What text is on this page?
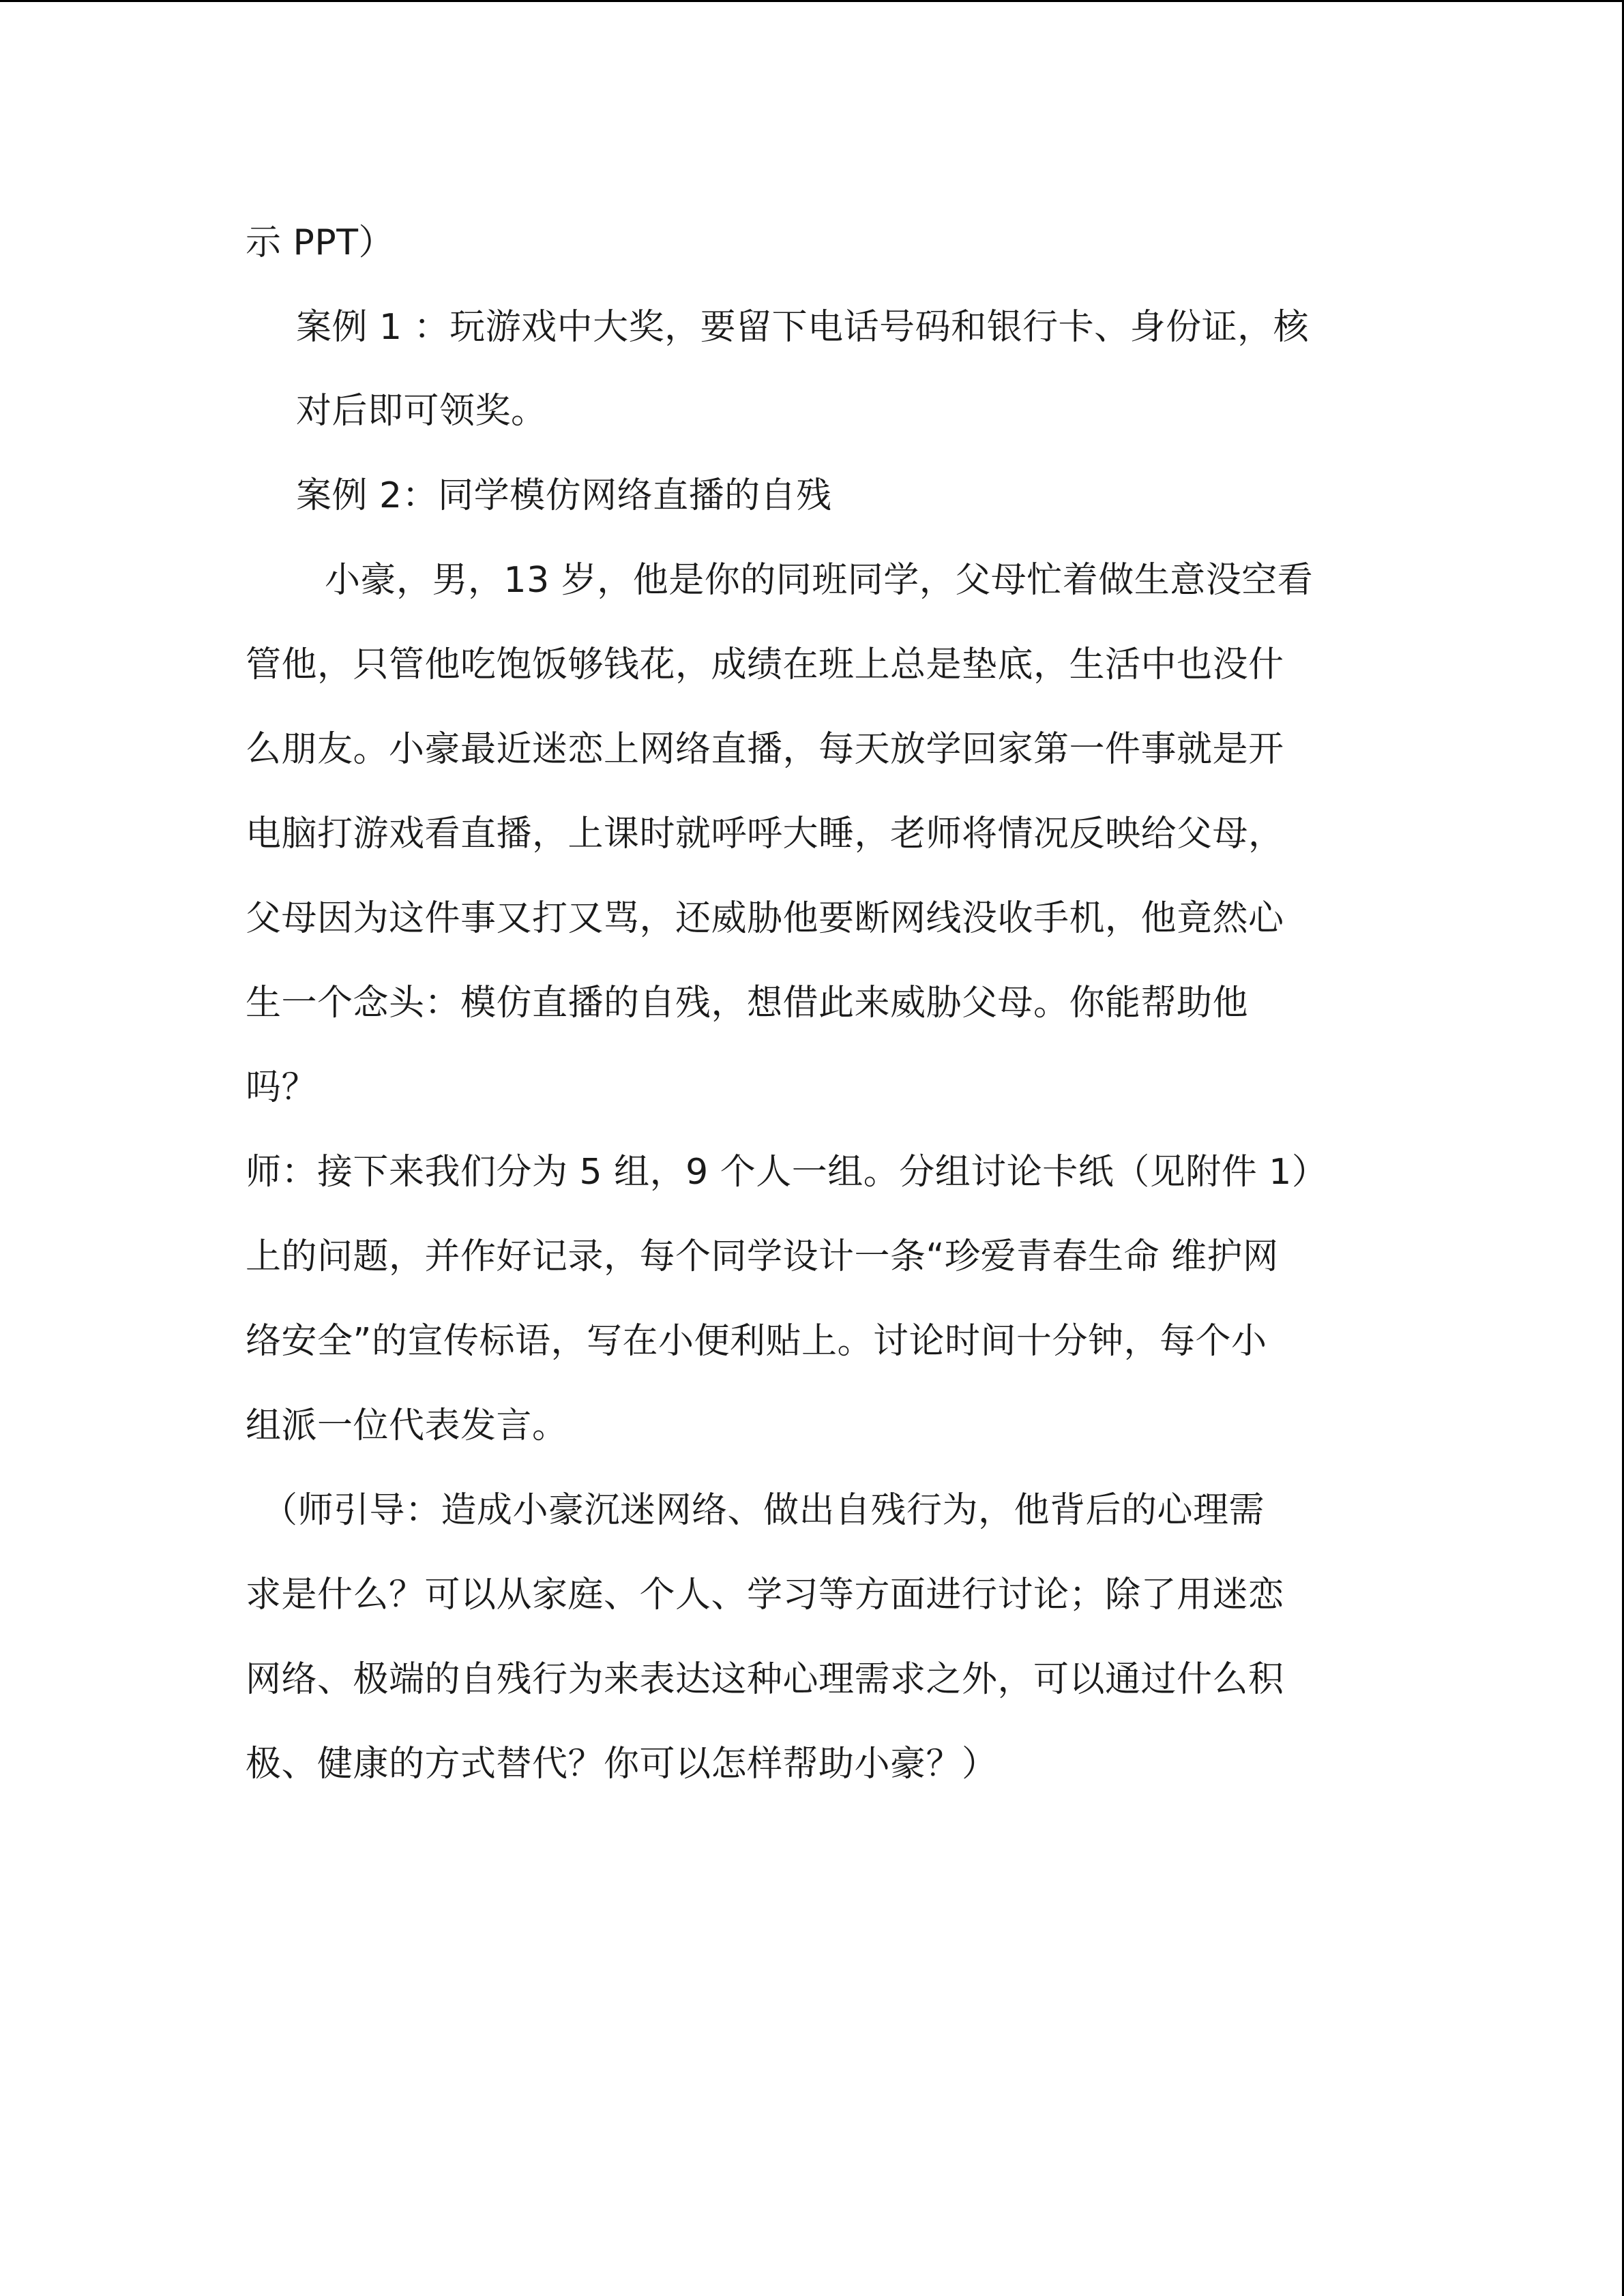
示 PPT）
案例 1 ：玩游戏中大奖，要留下电话号码和银行卡、身份证，核
对后即可领奖。
案例 2：同学模仿网络直播的自残
小豪，男，13 岁，他是你的同班同学，父母忙着做生意没空看
管他，只管他吃饱饭够钱花，成绩在班上总是垫底，生活中也没什
么朋友。小豪最近迷恋上网络直播，每天放学回家第一件事就是开
电脑打游戏看直播，上课时就呼呼大睡，老师将情况反映给父母，
父母因为这件事又打又骂，还威胁他要断网线没收手机，他竟然心
生一个念头：模仿直播的自残，想借此来威胁父母。你能帮助他
吗？
师：接下来我们分为 5 组，9 个人一组。分组讨论卡纸（见附件 1）
上的问题，并作好记录，每个同学设计一条“珍爱青春生命 维护网
络安全”的宣传标语，写在小便利贴上。讨论时间十分钟，每个小
组派一位代表发言。
（师引导：造成小豪沉迷网络、做出自残行为，他背后的心理需
求是什么？可以从家庭、个人、学习等方面进行讨论；除了用迷恋
网络、极端的自残行为来表达这种心理需求之外，可以通过什么积
极、健康的方式替代？你可以怎样帮助小豪？）
